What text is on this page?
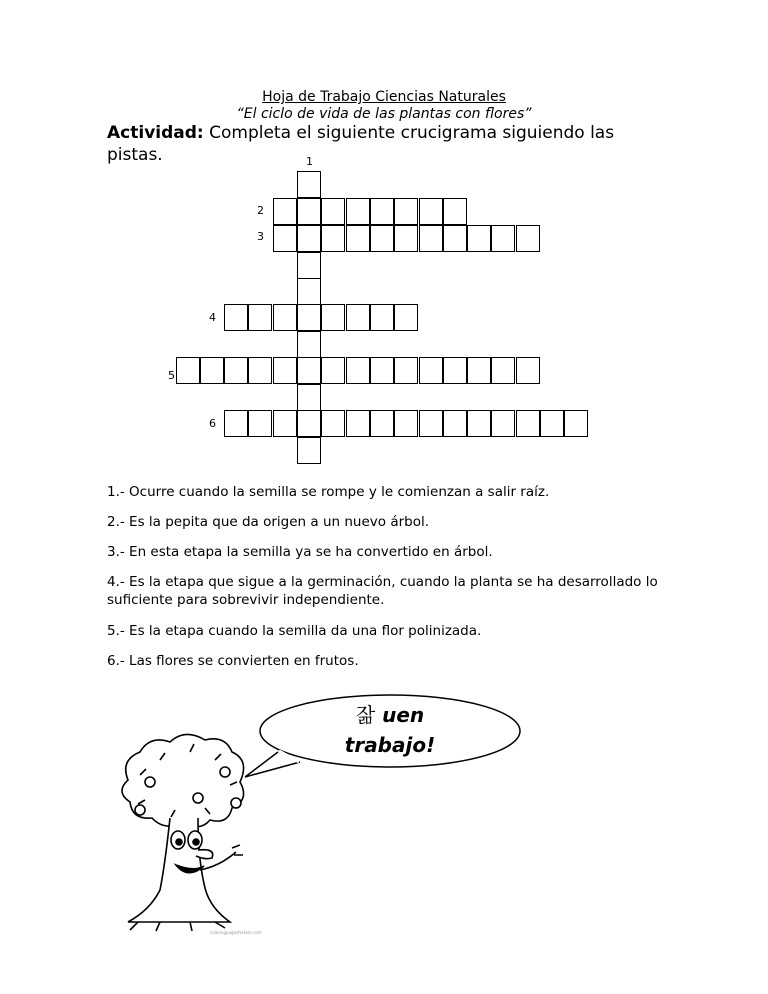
Hoja de Trabajo Ciencias Naturales
“El ciclo de vida de las plantas con flores”
Actividad: Completa el siguiente crucigrama siguiendo las pistas.	1
2
3
4
5
6
1.- Ocurre cuando la semilla se rompe y le comienzan a salir raíz.
2.- Es la pepita que da origen a un nuevo árbol.
3.- En esta etapa la semilla ya se ha convertido en árbol.
4.- Es la etapa que sigue a la germinación, cuando la planta se ha desarrollado lo suficiente para sobrevivir independiente.
5.- Es la etapa cuando la semilla da una flor polinizada.
6.- Las flores se convierten en frutos.
잚 uen
trabajo!
coloringpagesforkids.com
